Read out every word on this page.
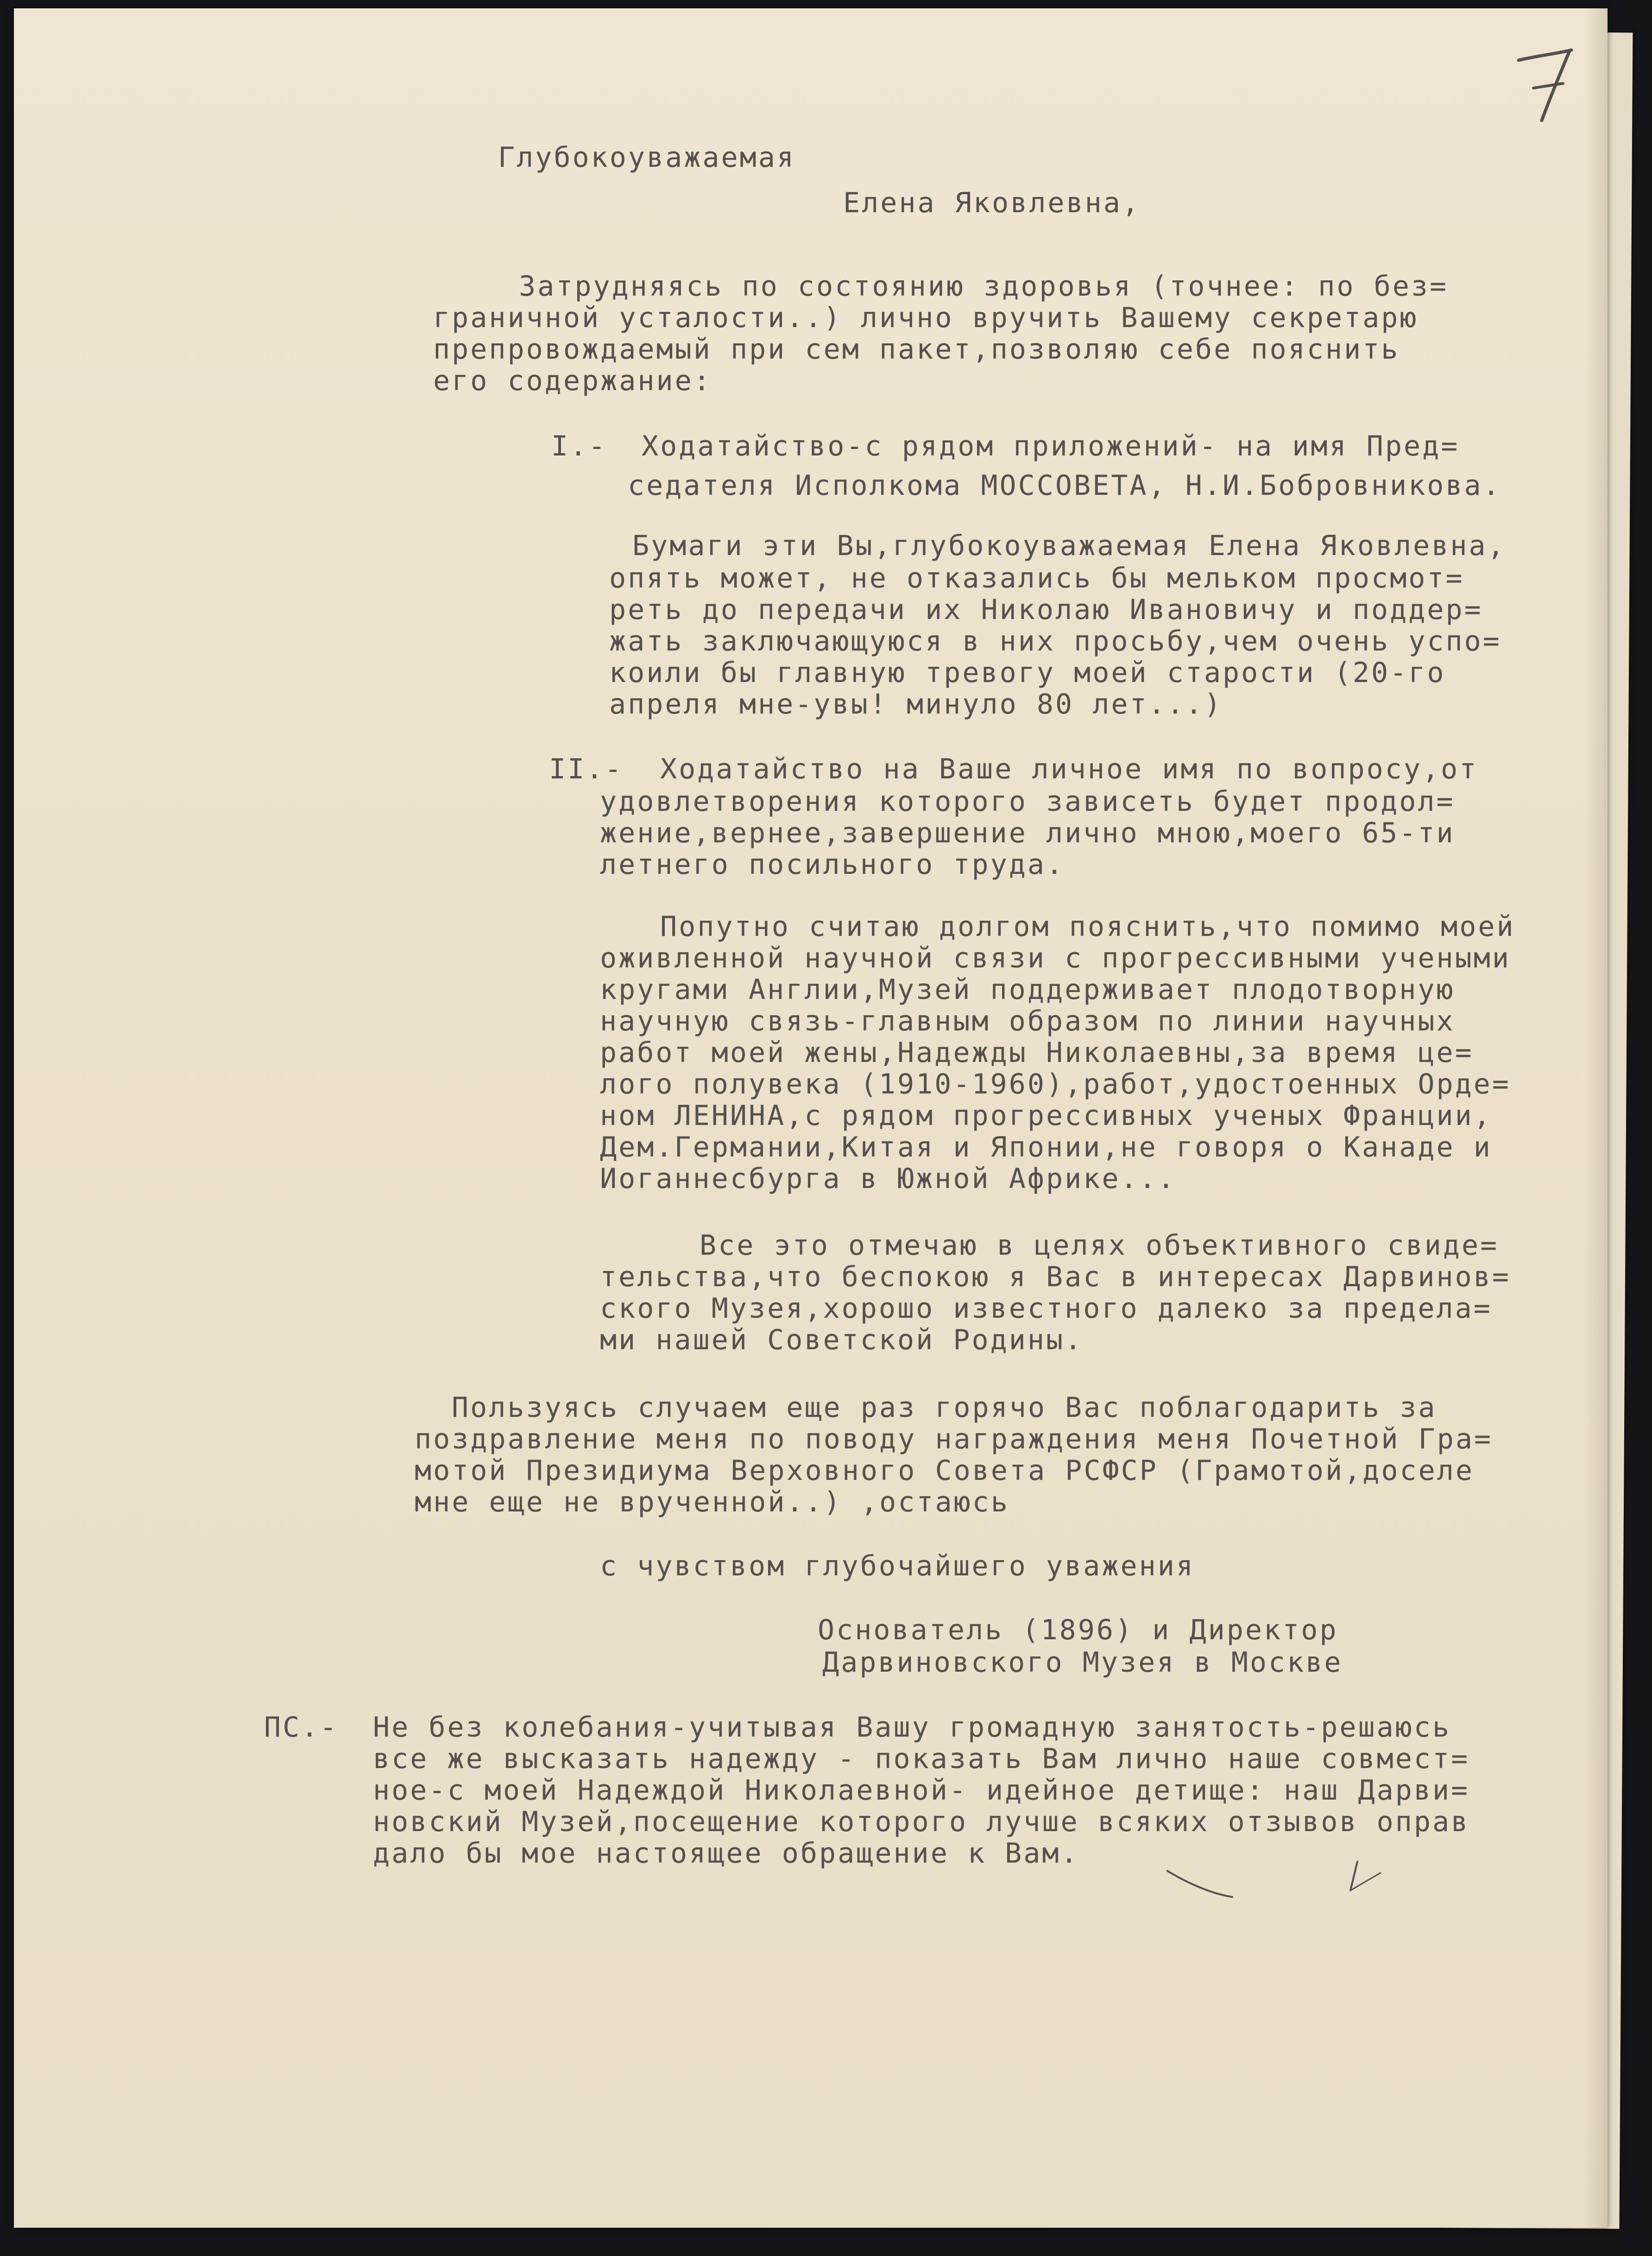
Глубокоуважаемая
Елена Яковлевна,
Затрудняясь по состоянию здоровья (точнее: по без=
граничной усталости..) лично вручить Вашему секретарю
препровождаемый при сем пакет,позволяю себе пояснить
его содержание:
I.- Ходатайство-с рядом приложений- на имя Пред=
седателя Исполкома МОССОВЕТА, Н.И.Бобровникова.
Бумаги эти Вы,глубокоуважаемая Елена Яковлевна,
опять может, не отказались бы мельком просмот=
реть до передачи их Николаю Ивановичу и поддер=
жать заключающуюся в них просьбу,чем очень успо=
коили бы главную тревогу моей старости (20-го
апреля мне-увы! минуло 80 лет...)
II.- Ходатайство на Ваше личное имя по вопросу,от
удовлетворения которого зависеть будет продол=
жение,вернее,завершение лично мною,моего 65-ти
летнего посильного труда.
Попутно считаю долгом пояснить,что помимо моей
оживленной научной связи с прогрессивными учеными
кругами Англии,Музей поддерживает плодотворную
научную связь-главным образом по линии научных
работ моей жены,Надежды Николаевны,за время це=
лого полувека (1910-1960),работ,удостоенных Орде=
ном ЛЕНИНА,с рядом прогрессивных ученых Франции,
Дем.Германии,Китая и Японии,не говоря о Канаде и
Иоганнесбурга в Южной Африке...
Все это отмечаю в целях объективного свиде=
тельства,что беспокою я Вас в интересах Дарвинов=
ского Музея,хорошо известного далеко за предела=
ми нашей Советской Родины.
Пользуясь случаем еще раз горячо Вас поблагодарить за
поздравление меня по поводу награждения меня Почетной Гра=
мотой Президиума Верховного Совета РСФСР (Грамотой,доселе
мне еще не врученной..) ,остаюсь
с чувством глубочайшего уважения
Основатель (1896) и Директор
Дарвиновского Музея в Москве
ПС.- Не без колебания-учитывая Вашу громадную занятость-решаюсь
все же высказать надежду - показать Вам лично наше совмест=
ное-с моей Надеждой Николаевной- идейное детище: наш Дарви=
новский Музей,посещение которого лучше всяких отзывов оправ
дало бы мое настоящее обращение к Вам.
